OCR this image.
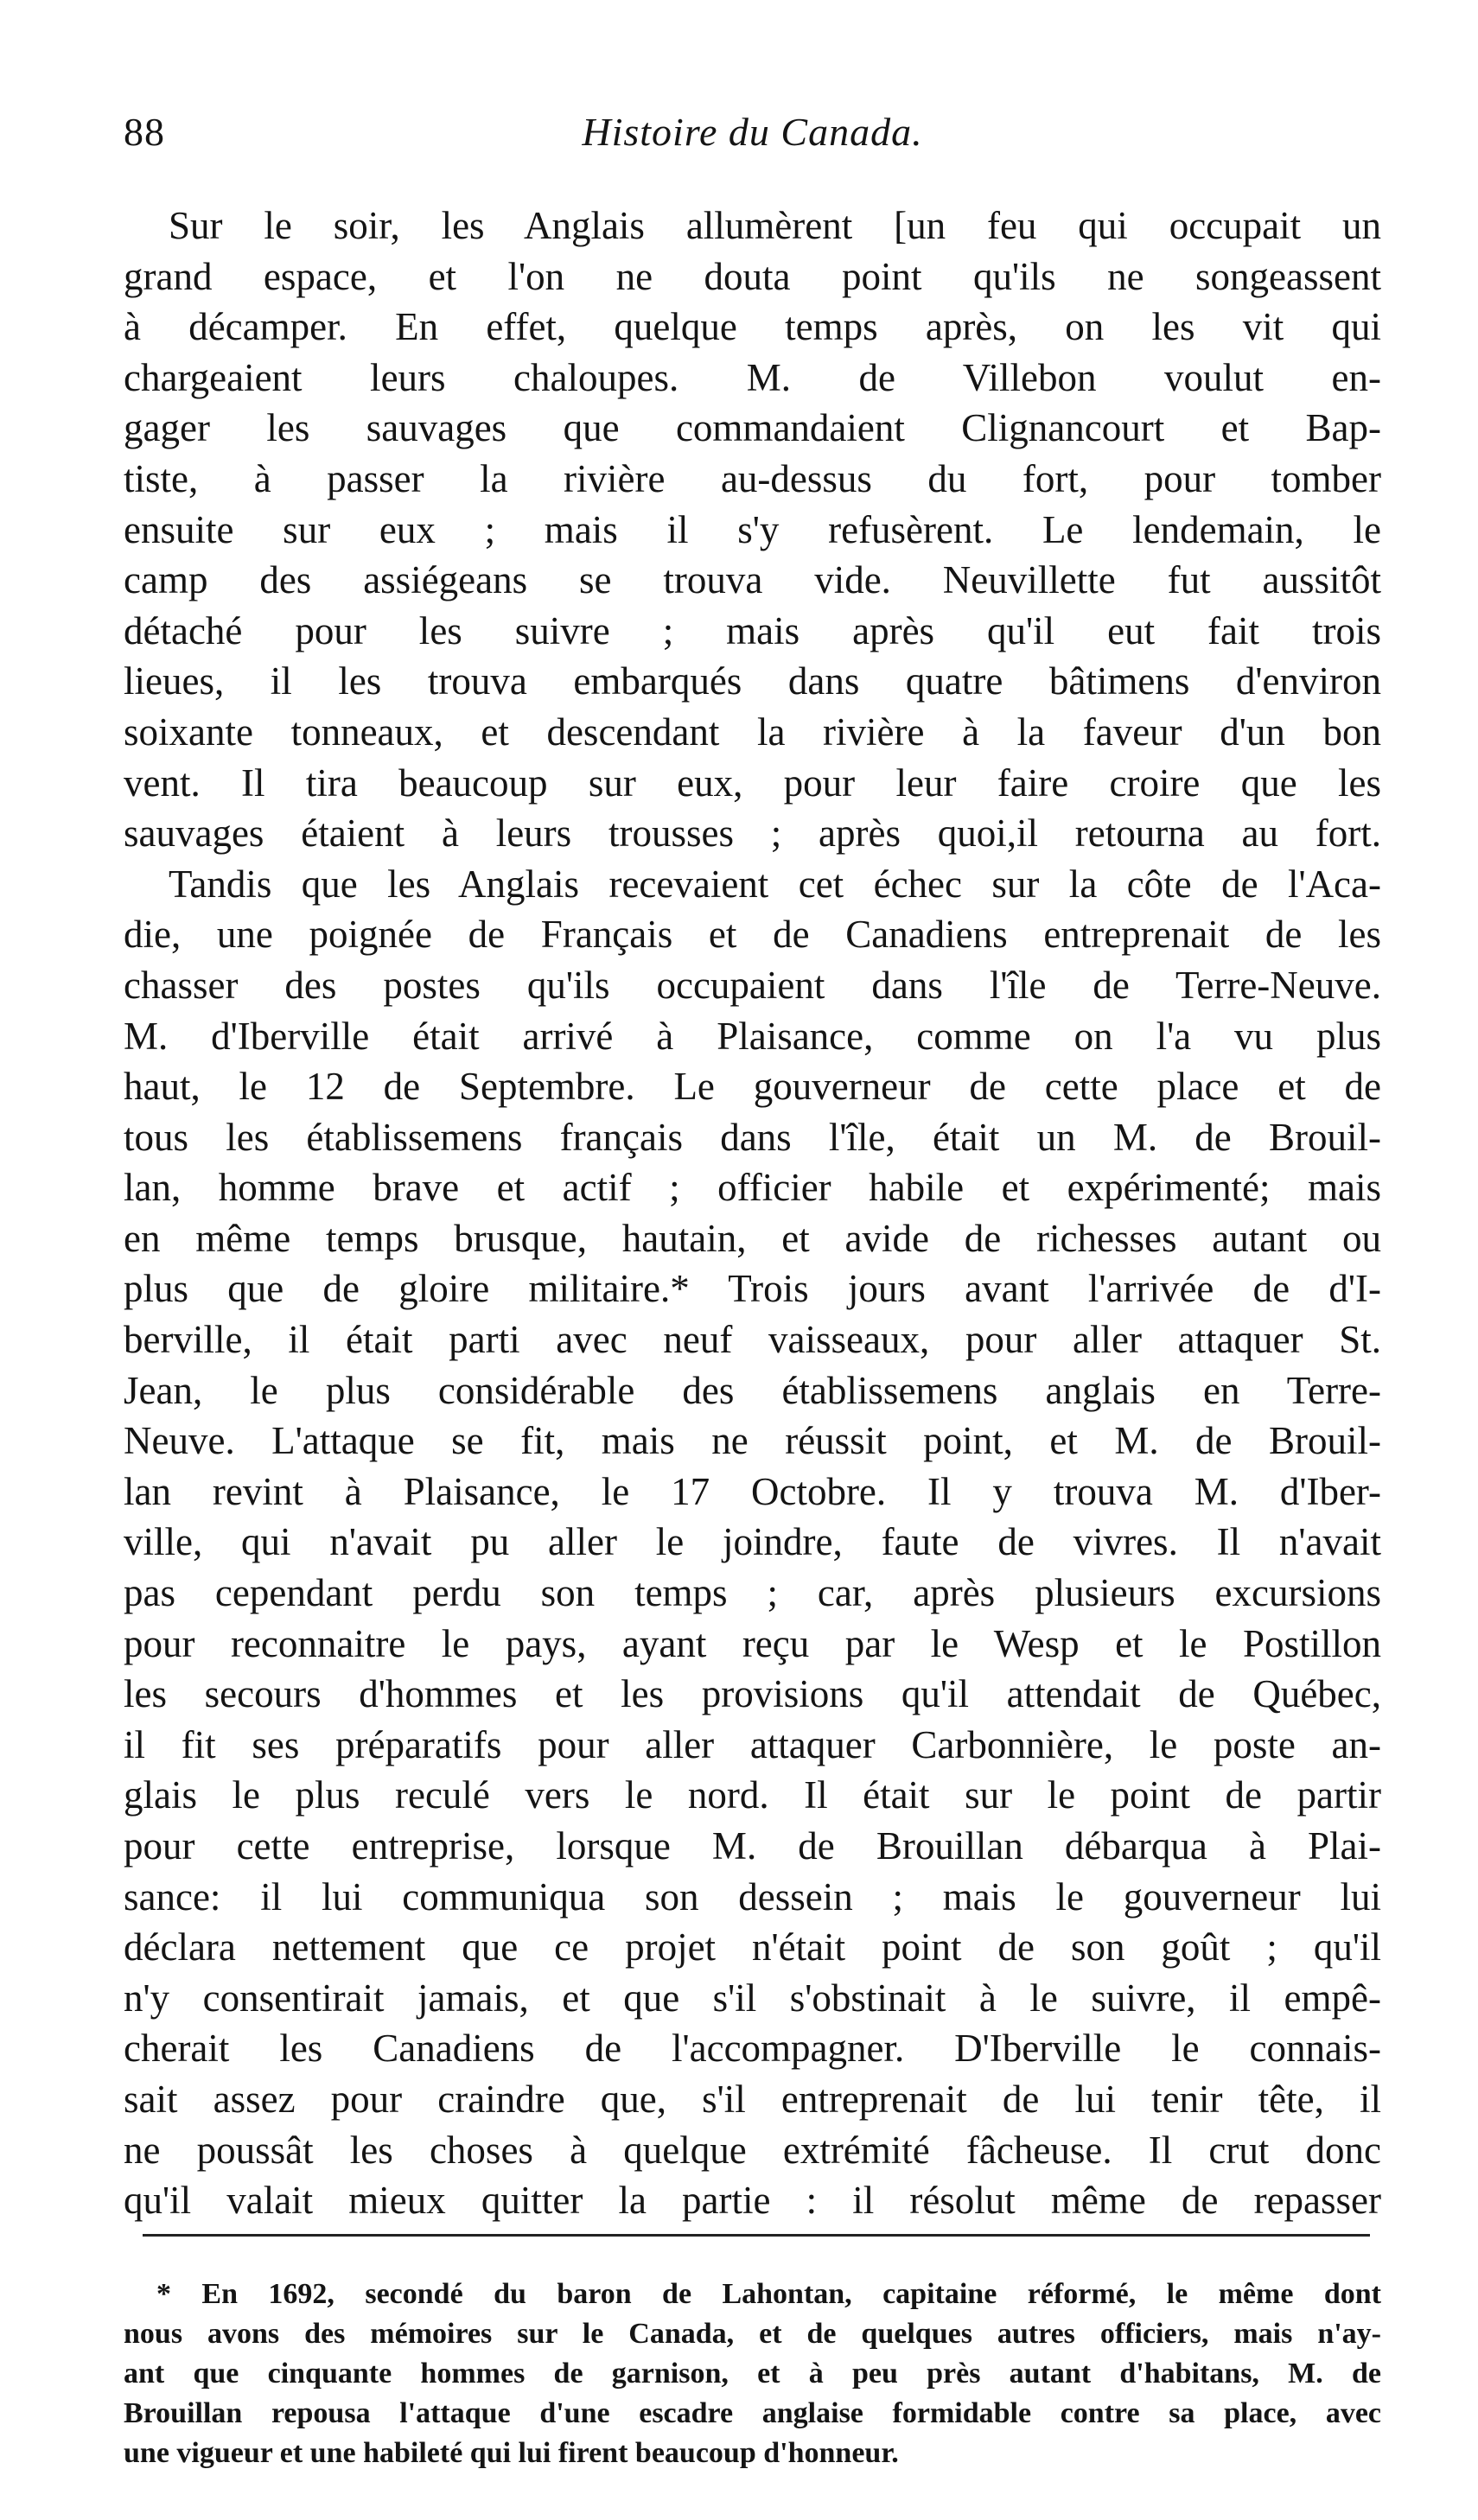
88	Histoire du Canada.
Sur le soir, les Anglais allumèrent [un feu qui occupait un
grand espace, et l'on ne douta point qu'ils ne songeassent
à décamper. En effet, quelque temps après, on les vit qui
chargeaient leurs chaloupes. M. de Villebon voulut en-
gager les sauvages que commandaient Clignancourt et Bap-
tiste, à passer la rivière au-dessus du fort, pour tomber
ensuite sur eux ; mais il s'y refusèrent. Le lendemain, le
camp des assiégeans se trouva vide. Neuvillette fut aussitôt
détaché pour les suivre ; mais après qu'il eut fait trois
lieues, il les trouva embarqués dans quatre bâtimens d'environ
soixante tonneaux, et descendant la rivière à la faveur d'un bon
vent. Il tira beaucoup sur eux, pour leur faire croire que les
sauvages étaient à leurs trousses ; après quoi,il retourna au fort.
Tandis que les Anglais recevaient cet échec sur la côte de l'Aca-
die, une poignée de Français et de Canadiens entreprenait de les
chasser des postes qu'ils occupaient dans l'île de Terre-Neuve.
M. d'Iberville était arrivé à Plaisance, comme on l'a vu plus
haut, le 12 de Septembre. Le gouverneur de cette place et de
tous les établissemens français dans l'île, était un M. de Brouil-
lan, homme brave et actif ; officier habile et expérimenté; mais
en même temps brusque, hautain, et avide de richesses autant ou
plus que de gloire militaire.* Trois jours avant l'arrivée de d'I-
berville, il était parti avec neuf vaisseaux, pour aller attaquer St.
Jean, le plus considérable des établissemens anglais en Terre-
Neuve. L'attaque se fit, mais ne réussit point, et M. de Brouil-
lan revint à Plaisance, le 17 Octobre. Il y trouva M. d'Iber-
ville, qui n'avait pu aller le joindre, faute de vivres. Il n'avait
pas cependant perdu son temps ; car, après plusieurs excursions
pour reconnaitre le pays, ayant reçu par le Wesp et le Postillon
les secours d'hommes et les provisions qu'il attendait de Québec,
il fit ses préparatifs pour aller attaquer Carbonnière, le poste an-
glais le plus reculé vers le nord. Il était sur le point de partir
pour cette entreprise, lorsque M. de Brouillan débarqua à Plai-
sance: il lui communiqua son dessein ; mais le gouverneur lui
déclara nettement que ce projet n'était point de son goût ; qu'il
n'y consentirait jamais, et que s'il s'obstinait à le suivre, il empê-
cherait les Canadiens de l'accompagner. D'Iberville le connais-
sait assez pour craindre que, s'il entreprenait de lui tenir tête, il
ne poussât les choses à quelque extrémité fâcheuse. Il crut donc
qu'il valait mieux quitter la partie : il résolut même de repasser
* En 1692, secondé du baron de Lahontan, capitaine réformé, le même dont
nous avons des mémoires sur le Canada, et de quelques autres officiers, mais n'ay-
ant que cinquante hommes de garnison, et à peu près autant d'habitans, M. de
Brouillan repousa l'attaque d'une escadre anglaise formidable contre sa place, avec
une vigueur et une habileté qui lui firent beaucoup d'honneur.
